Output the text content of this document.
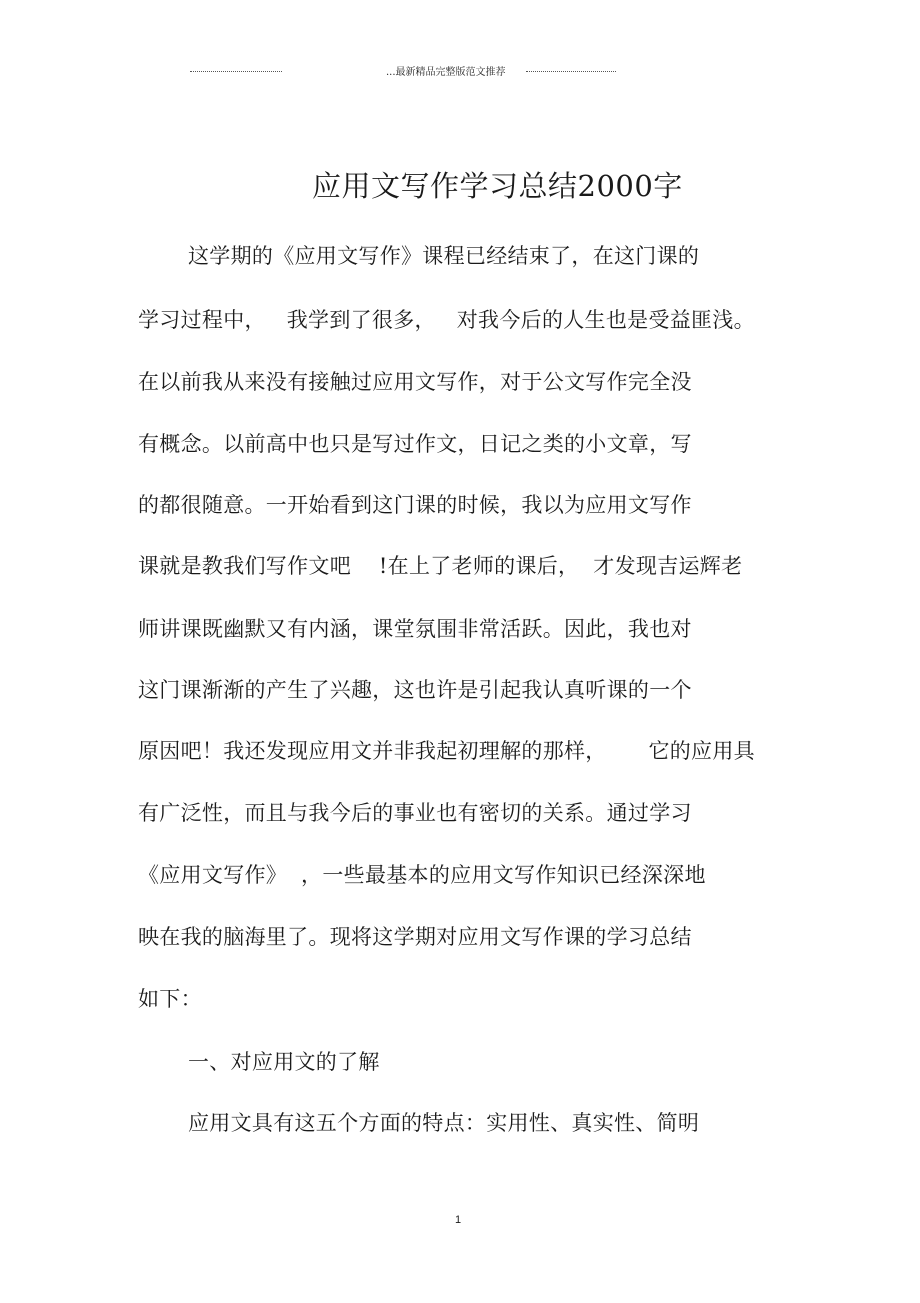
...最新精品完整版范文推荐
应用文写作学习总结2000字
这学期的《应用文写作》课程已经结束了，在这门课的
学习过程中，   我学到了很多，   对我今后的人生也是受益匪浅。
在以前我从来没有接触过应用文写作，对于公文写作完全没
有概念。以前高中也只是写过作文，日记之类的小文章，写
的都很随意。一开始看到这门课的时候，我以为应用文写作
课就是教我们写作文吧    !在上了老师的课后，  才发现吉运辉老
师讲课既幽默又有内涵，课堂氛围非常活跃。因此，我也对
这门课渐渐的产生了兴趣，这也许是引起我认真听课的一个
原因吧！我还发现应用文并非我起初理解的那样，      它的应用具
有广泛性，而且与我今后的事业也有密切的关系。通过学习
《应用文写作》  ，一些最基本的应用文写作知识已经深深地
映在我的脑海里了。现将这学期对应用文写作课的学习总结
如下：
一、对应用文的了解
应用文具有这五个方面的特点：实用性、真实性、简明
1
